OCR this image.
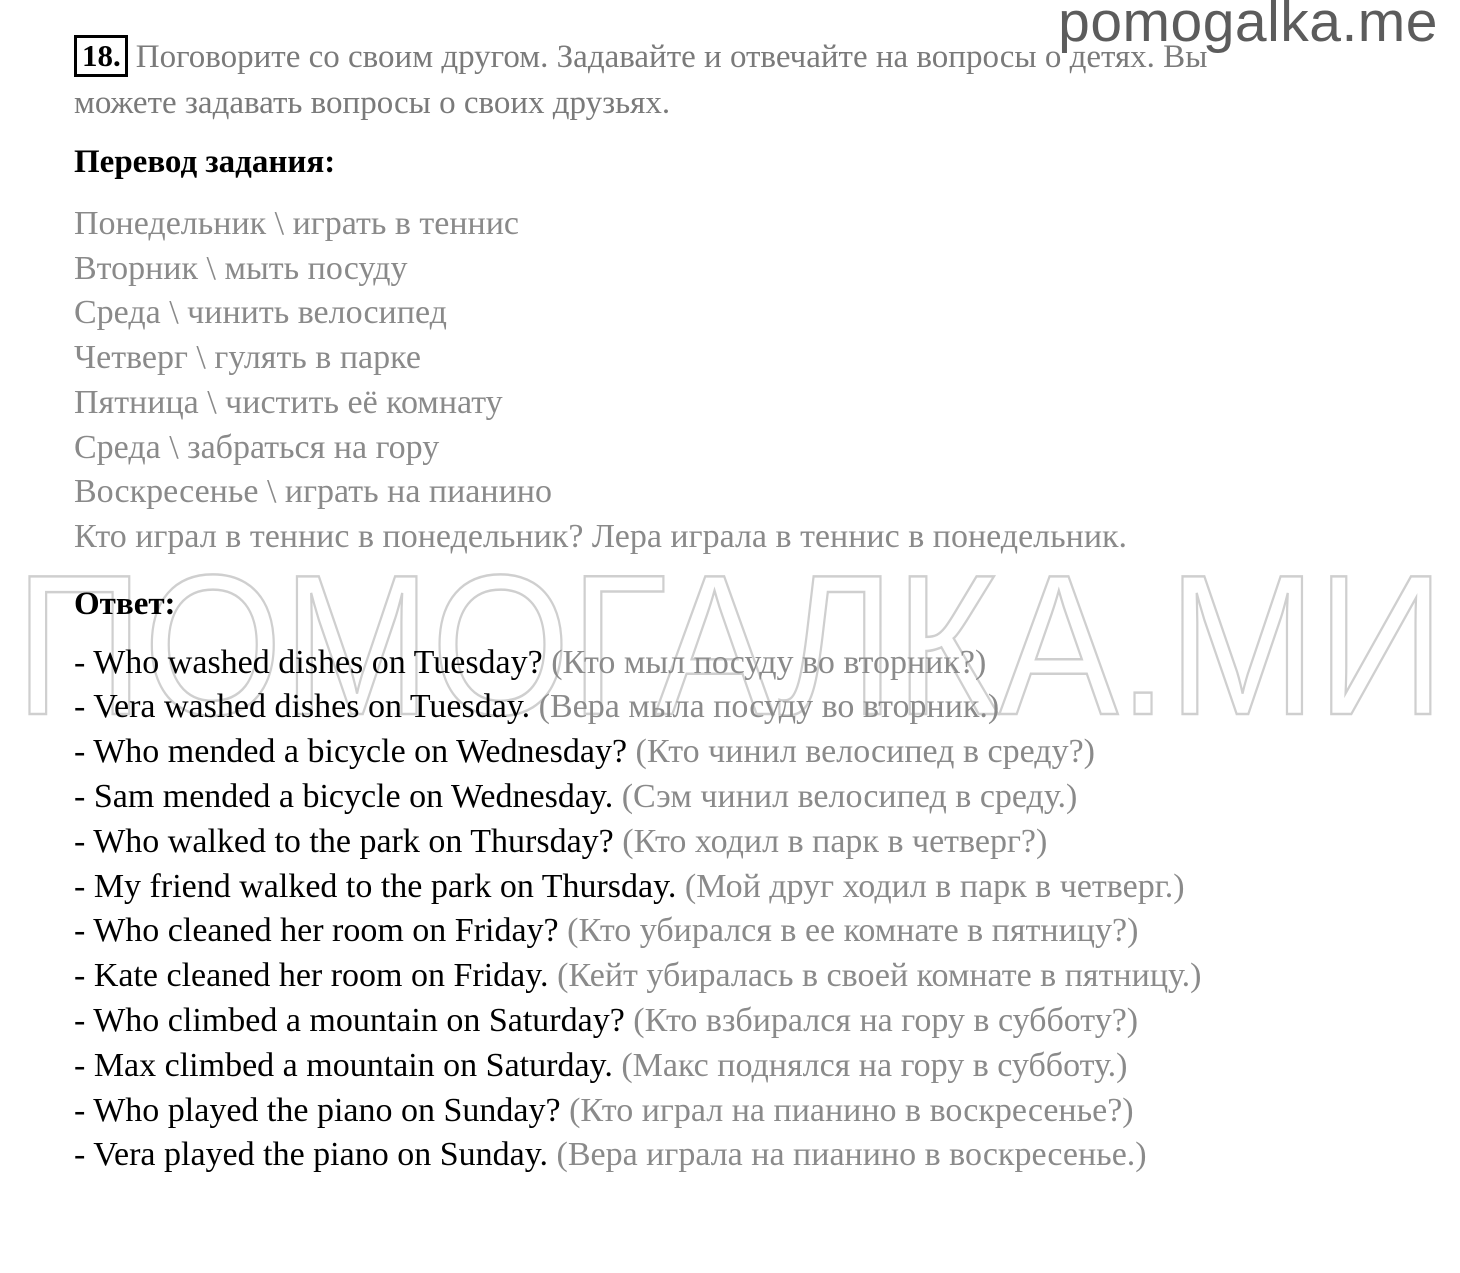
pomogalka.me
ПОМОГАЛКА.МИ

18. Поговорите со своим другом. Задавайте и отвечайте на вопросы о детях. Вы можете задавать вопросы о своих друзьях.

Перевод задания:
Понедельник \ играть в теннис
Вторник \ мыть посуду
Среда \ чинить велосипед
Четверг \ гулять в парке
Пятница \ чистить её комнату
Среда \ забраться на гору
Воскресенье \ играть на пианино
Кто играл в теннис в понедельник? Лера играла в теннис в понедельник.
Ответ:
- Who washed dishes on Tuesday? (Кто мыл посуду во вторник?)
- Vera washed dishes on Tuesday. (Вера мыла посуду во вторник.)
- Who mended a bicycle on Wednesday? (Кто чинил велосипед в среду?)
- Sam mended a bicycle on Wednesday. (Сэм чинил велосипед в среду.)
- Who walked to the park on Thursday? (Кто ходил в парк в четверг?)
- My friend walked to the park on Thursday. (Мой друг ходил в парк в четверг.)
- Who cleaned her room on Friday? (Кто убирался в ее комнате в пятницу?)
- Kate cleaned her room on Friday. (Кейт убиралась в своей комнате в пятницу.)
- Who climbed a mountain on Saturday? (Кто взбирался на гору в субботу?)
- Max climbed a mountain on Saturday. (Макс поднялся на гору в субботу.)
- Who played the piano on Sunday? (Кто играл на пианино в воскресенье?)
- Vera played the piano on Sunday. (Вера играла на пианино в воскресенье.)
